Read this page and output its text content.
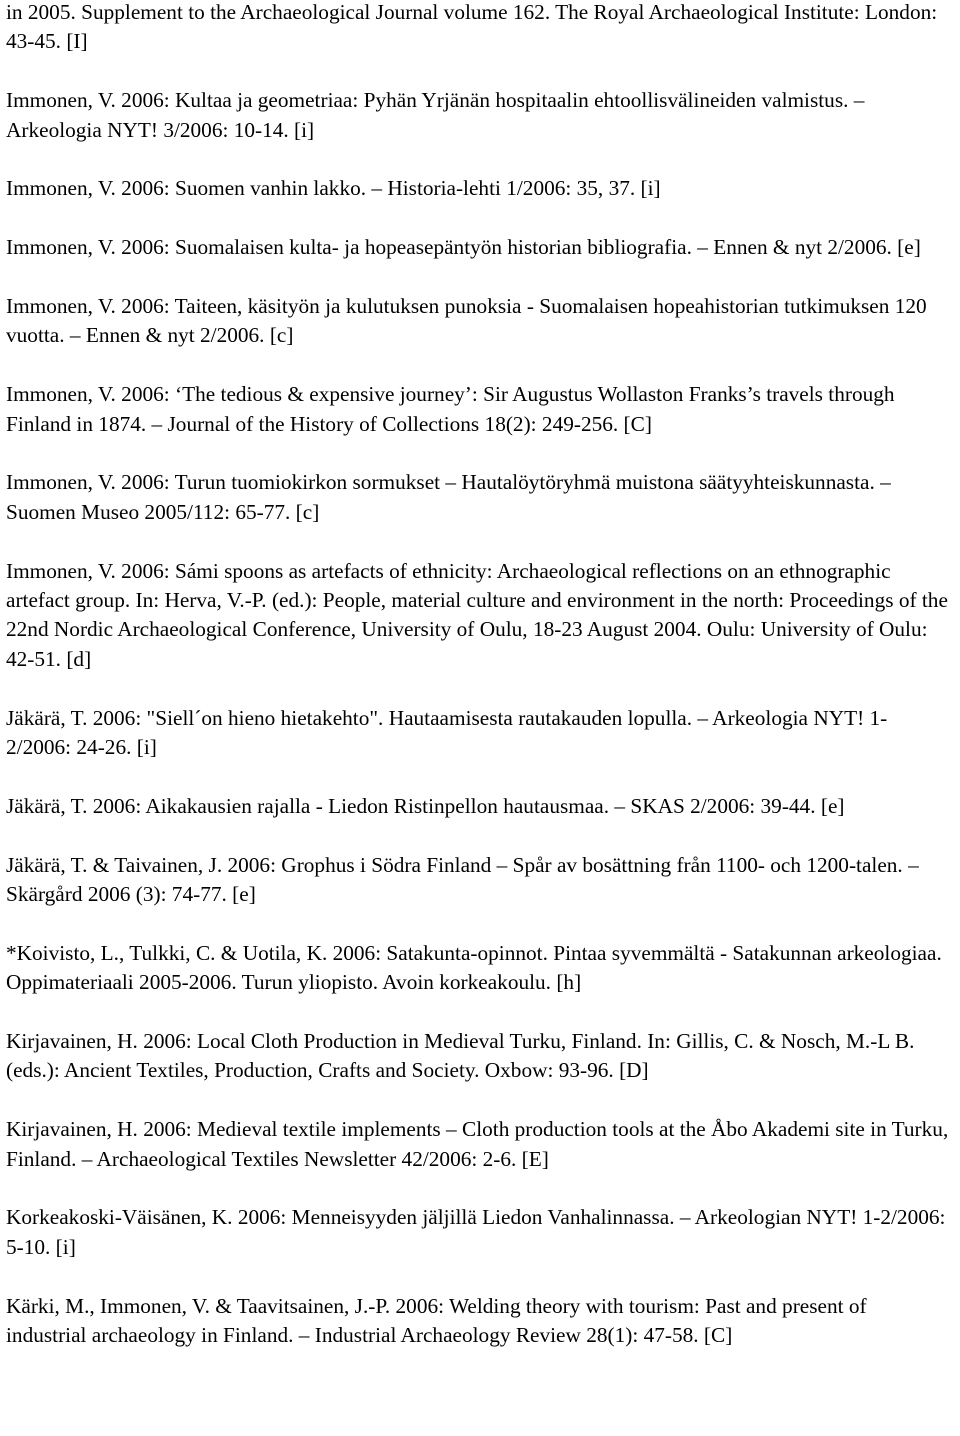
in 2005. Supplement to the Archaeological Journal volume 162. The Royal Archaeological Institute: London: 43-45. [I]
Immonen, V. 2006: Kultaa ja geometriaa: Pyhän Yrjänän hospitaalin ehtoollisvälineiden valmistus. – Arkeologia NYT! 3/2006: 10-14. [i]
Immonen, V. 2006: Suomen vanhin lakko. – Historia-lehti 1/2006: 35, 37. [i]
Immonen, V. 2006: Suomalaisen kulta- ja hopeasepäntyön historian bibliografia. – Ennen & nyt 2/2006. [e]
Immonen, V. 2006: Taiteen, käsityön ja kulutuksen punoksia - Suomalaisen hopeahistorian tutkimuksen 120 vuotta. – Ennen & nyt 2/2006. [c]
Immonen, V. 2006: ‘The tedious & expensive journey’: Sir Augustus Wollaston Franks’s travels through Finland in 1874. – Journal of the History of Collections 18(2): 249-256. [C]
Immonen, V. 2006: Turun tuomiokirkon sormukset – Hautalöytöryhmä muistona säätyyhteiskunnasta. – Suomen Museo 2005/112: 65-77. [c]
Immonen, V. 2006: Sámi spoons as artefacts of ethnicity: Archaeological reflections on an ethnographic artefact group. In: Herva, V.-P. (ed.): People, material culture and environment in the north: Proceedings of the 22nd Nordic Archaeological Conference, University of Oulu, 18-23 August 2004. Oulu: University of Oulu: 42-51. [d]
Jäkärä, T. 2006: "Siell´on hieno hietakehto". Hautaamisesta rautakauden lopulla. – Arkeologia NYT! 1-2/2006: 24-26. [i]
Jäkärä, T. 2006: Aikakausien rajalla - Liedon Ristinpellon hautausmaa. – SKAS 2/2006: 39-44. [e]
Jäkärä, T. & Taivainen, J. 2006: Grophus i Södra Finland – Spår av bosättning från 1100- och 1200-talen. – Skärgård 2006 (3): 74-77. [e]
*Koivisto, L., Tulkki, C. & Uotila, K. 2006: Satakunta-opinnot. Pintaa syvemmältä - Satakunnan arkeologiaa. Oppimateriaali 2005-2006. Turun yliopisto. Avoin korkeakoulu. [h]
Kirjavainen, H. 2006: Local Cloth Production in Medieval Turku, Finland. In: Gillis, C. & Nosch, M.-L B. (eds.): Ancient Textiles, Production, Crafts and Society. Oxbow: 93-96. [D]
Kirjavainen, H. 2006: Medieval textile implements – Cloth production tools at the Åbo Akademi site in Turku, Finland. – Archaeological Textiles Newsletter 42/2006: 2-6. [E]
Korkeakoski-Väisänen, K. 2006: Menneisyyden jäljillä Liedon Vanhalinnassa. – Arkeologian NYT! 1-2/2006: 5-10. [i]
Kärki, M., Immonen, V. & Taavitsainen, J.-P. 2006: Welding theory with tourism: Past and present of industrial archaeology in Finland. – Industrial Archaeology Review 28(1): 47-58. [C]
